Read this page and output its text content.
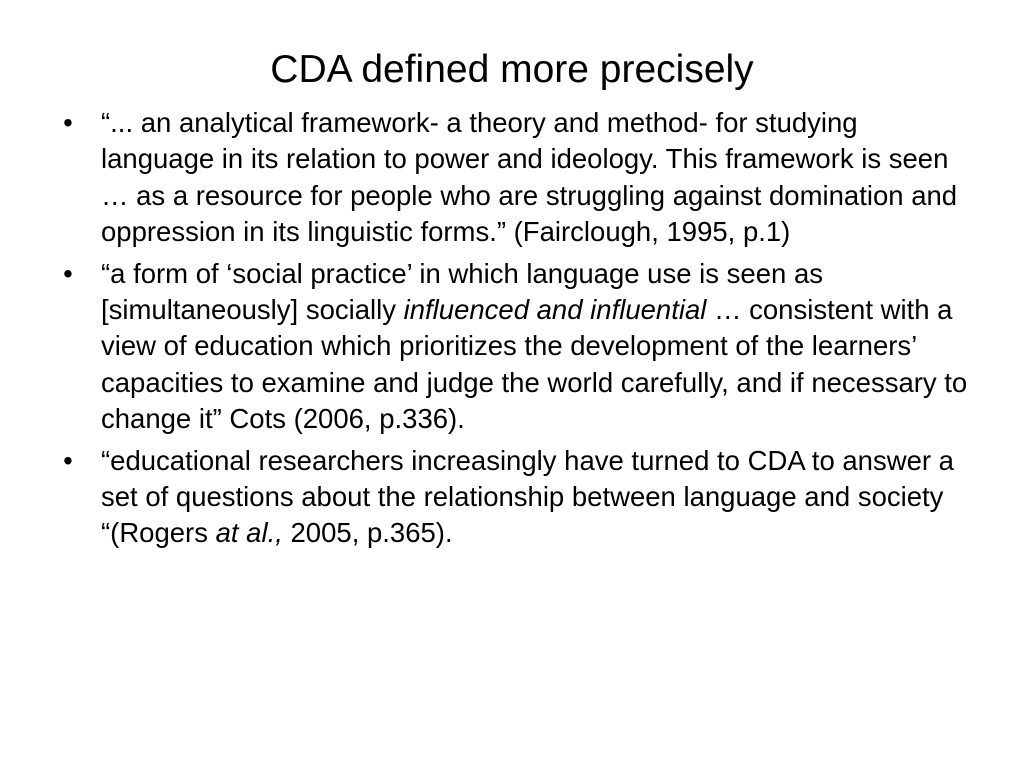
CDA defined more precisely
• “... an analytical framework- a theory and method- for studying language in its relation to power and ideology. This framework is seen … as a resource for people who are struggling against domination and oppression in its linguistic forms.” (Fairclough, 1995, p.1)
• “a form of ‘social practice’ in which language use is seen as [simultaneously] socially influenced and influential … consistent with a view of education which prioritizes the development of the learners’ capacities to examine and judge the world carefully, and if necessary to change it” Cots (2006, p.336).
• “educational researchers increasingly have turned to CDA to answer a set of questions about the relationship between language and society “(Rogers at al., 2005, p.365).
